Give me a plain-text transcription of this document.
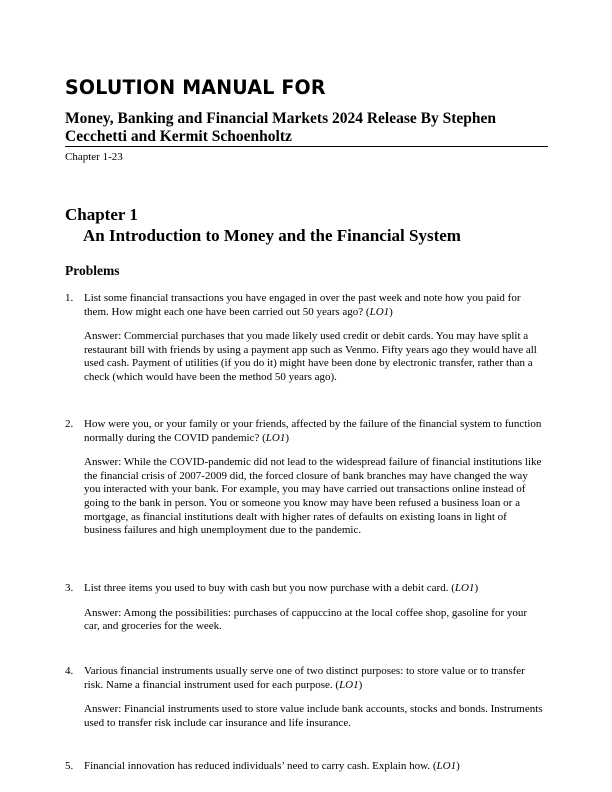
SOLUTION MANUAL FOR
Money, Banking and Financial Markets 2024 Release By Stephen Cecchetti and Kermit Schoenholtz
Chapter 1-23
Chapter 1
An Introduction to Money and the Financial System
Problems
1. List some financial transactions you have engaged in over the past week and note how you paid for them. How might each one have been carried out 50 years ago? (LO1)
Answer: Commercial purchases that you made likely used credit or debit cards. You may have split a restaurant bill with friends by using a payment app such as Venmo. Fifty years ago they would have all used cash. Payment of utilities (if you do it) might have been done by electronic transfer, rather than a check (which would have been the method 50 years ago).
2. How were you, or your family or your friends, affected by the failure of the financial system to function normally during the COVID pandemic? (LO1)
Answer: While the COVID-pandemic did not lead to the widespread failure of financial institutions like the financial crisis of 2007-2009 did, the forced closure of bank branches may have changed the way you interacted with your bank. For example, you may have carried out transactions online instead of going to the bank in person. You or someone you know may have been refused a business loan or a mortgage, as financial institutions dealt with higher rates of defaults on existing loans in light of business failures and high unemployment due to the pandemic.
3. List three items you used to buy with cash but you now purchase with a debit card. (LO1)
Answer: Among the possibilities: purchases of cappuccino at the local coffee shop, gasoline for your car, and groceries for the week.
4. Various financial instruments usually serve one of two distinct purposes: to store value or to transfer risk. Name a financial instrument used for each purpose. (LO1)
Answer: Financial instruments used to store value include bank accounts, stocks and bonds. Instruments used to transfer risk include car insurance and life insurance.
5. Financial innovation has reduced individuals’ need to carry cash. Explain how. (LO1)
